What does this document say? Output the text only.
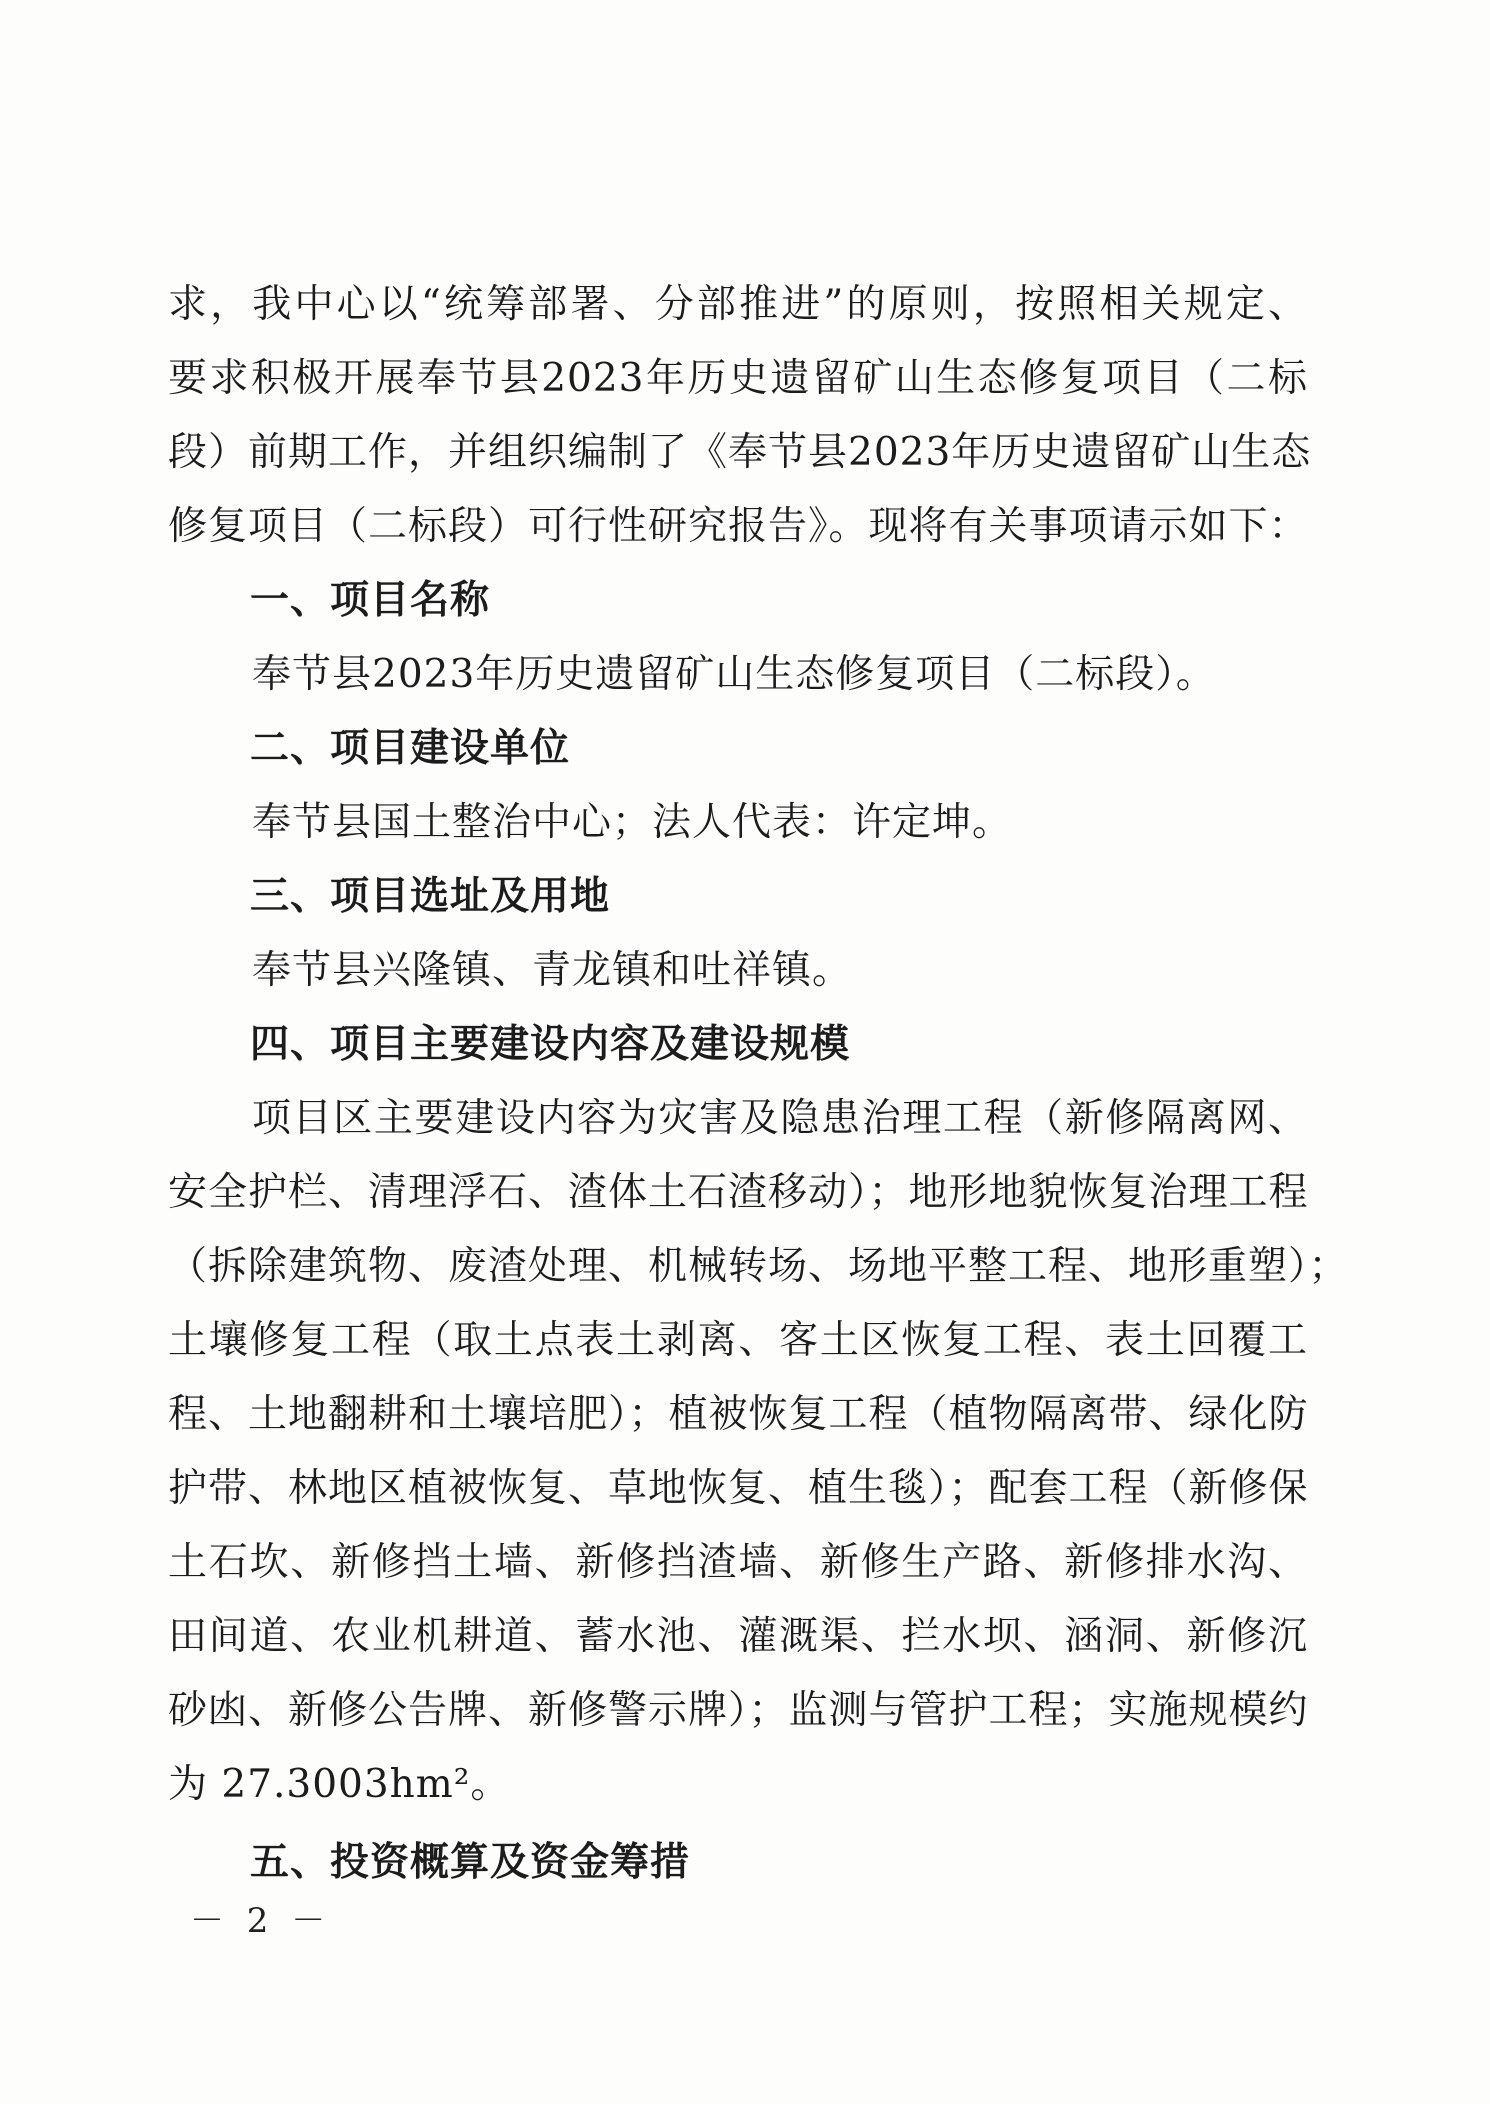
求，我中心以“统筹部署、分部推进”的原则，按照相关规定、
要求积极开展奉节县2023年历史遗留矿山生态修复项目（二标
段）前期工作，并组织编制了《奉节县2023年历史遗留矿山生态
修复项目（二标段）可行性研究报告》。现将有关事项请示如下：
一、项目名称
奉节县2023年历史遗留矿山生态修复项目（二标段）。
二、项目建设单位
奉节县国土整治中心；法人代表：许定坤。
三、项目选址及用地
奉节县兴隆镇、青龙镇和吐祥镇。
四、项目主要建设内容及建设规模
项目区主要建设内容为灾害及隐患治理工程（新修隔离网、
安全护栏、清理浮石、渣体土石渣移动）；地形地貌恢复治理工程
（拆除建筑物、废渣处理、机械转场、场地平整工程、地形重塑）；
土壤修复工程（取土点表土剥离、客土区恢复工程、表土回覆工
程、土地翻耕和土壤培肥）；植被恢复工程（植物隔离带、绿化防
护带、林地区植被恢复、草地恢复、植生毯）；配套工程（新修保
土石坎、新修挡土墙、新修挡渣墙、新修生产路、新修排水沟、
田间道、农业机耕道、蓄水池、灌溉渠、拦水坝、涵洞、新修沉
砂凼、新修公告牌、新修警示牌）；监测与管护工程；实施规模约
为 27.3003hm²。
五、投资概算及资金筹措
－ 2 －
